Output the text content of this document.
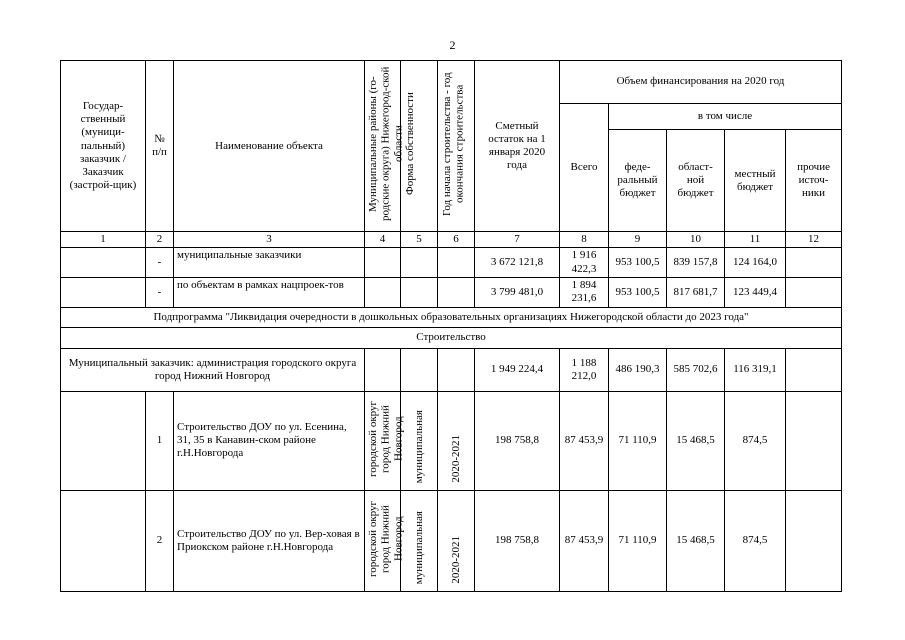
2
Государ-ственный (муници-пальный) заказчик / Заказчик (застрой-щик)	№ п/п	Наименование объекта	Муниципальные районы (го-родские округа) Нижегород-ской области	Форма собственности	Год начала строительства - год окончания строительства	Сметный остаток на 1 января 2020 года	Объем финансирования на 2020 год				
							Всего	в том числе			
								феде-ральный бюджет	област-ной бюджет	местный бюджет	прочие источ-ники
1	2	3	4	5	6	7	8	9	10	11	12
	-	муниципальные заказчики				3 672 121,8	1 916 422,3	953 100,5	839 157,8	124 164,0	
	-	по объектам в рамках нацпроек-тов				3 799 481,0	1 894 231,6	953 100,5	817 681,7	123 449,4	
Подпрограмма "Ликвидация очередности в дошкольных образовательных организациях Нижегородской области до 2023 года"											
Строительство											
Муниципальный заказчик: администрация городского округа город Нижний Новгород						1 949 224,4	1 188 212,0	486 190,3	585 702,6	116 319,1	
	1	Строительство ДОУ по ул. Есенина, 31, 35 в Канавин-ском районе г.Н.Новгорода	городской округ город Нижний Новгород	муниципальная	2020-2021	198 758,8	87 453,9	71 110,9	15 468,5	874,5	
	2	Строительство ДОУ по ул. Вер-ховая в Приокском районе г.Н.Новгорода	городской округ город Нижний Новгород	муниципальная	2020-2021	198 758,8	87 453,9	71 110,9	15 468,5	874,5	
